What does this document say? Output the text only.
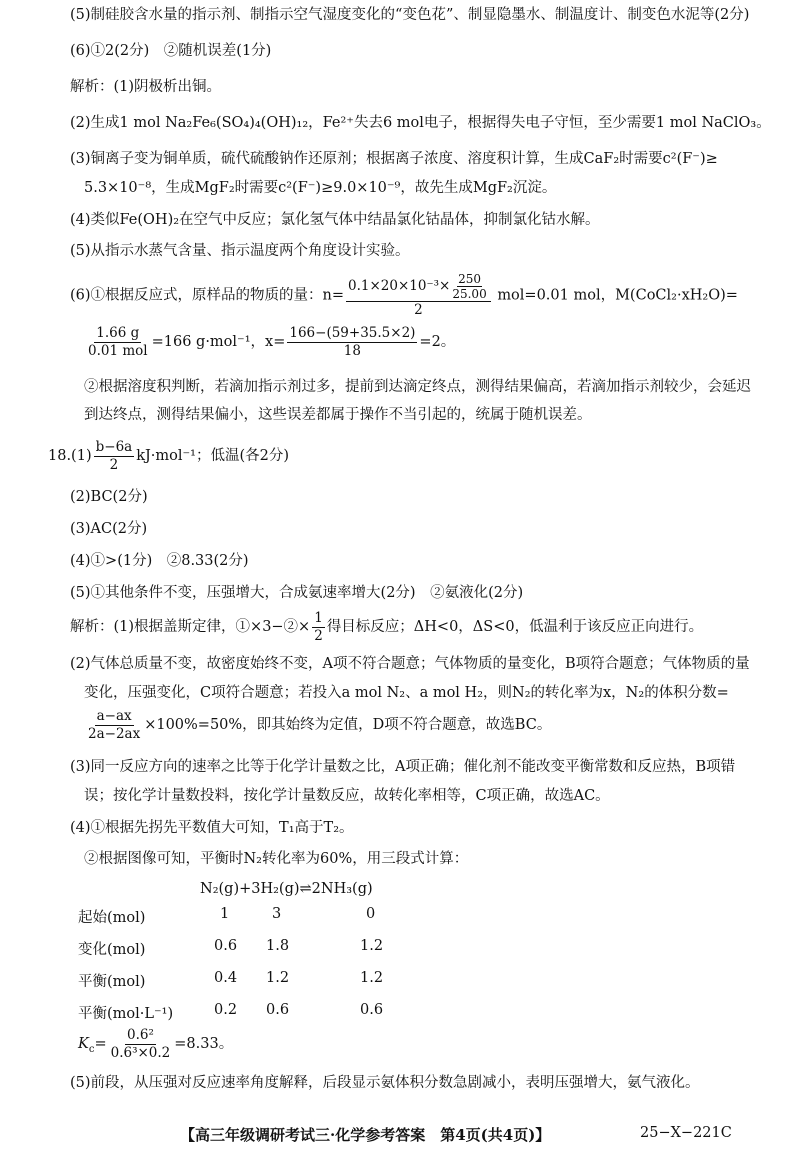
(5)制硅胶含水量的指示剂、制指示空气湿度变化的“变色花”、制显隐墨水、制温度计、制变色水泥等(2分)
(6)①2(2分)　②随机误差(1分)
解析：(1)阴极析出铜。
(2)生成1 mol Na₂Fe₆(SO₄)₄(OH)₁₂，Fe²⁺失去6 mol电子，根据得失电子守恒，至少需要1 mol NaClO₃。
(3)铜离子变为铜单质，硫代硫酸钠作还原剂；根据离子浓度、溶度积计算，生成CaF₂时需要c²(F⁻)≥
5.3×10⁻⁸，生成MgF₂时需要c²(F⁻)≥9.0×10⁻⁹，故先生成MgF₂沉淀。
(4)类似Fe(OH)₂在空气中反应；氯化氢气体中结晶氯化钴晶体，抑制氯化钴水解。
(5)从指示水蒸气含量、指示温度两个角度设计实验。
(6)①根据反应式，原样品的物质的量：$n= \frac{0.1\times 20\times 10^{-3}\times \frac{250}{25.00}}{2} mol=0.01$ mol，M(CoCl₂·xH₂O)=
$\frac{1.66 g}{\text{0.01 mol}} =166$ g·mol⁻¹，$x= \frac{166-(59+35.5\times 2)}{18} =2$。
②根据溶度积判断，若滴加指示剂过多，提前到达滴定终点，测得结果偏高，若滴加指示剂较少，会延迟
到达终点，测得结果偏小，这些误差都属于操作不当引起的，统属于随机误差。
$18.(1) \frac{b-6a}{2} kJ\cdot mol^{-1}$；低温(各2分)
(2)BC(2分)
(3)AC(2分)
(4)①>(1分)　②8.33(2分)
(5)①其他条件不变，压强增大，合成氨速率增大(2分)　②氨液化(2分)
解析：(1)根据盖斯定律，①×3−②× $\frac{1}{2}$ 得目标反应；ΔH<0，ΔS<0，低温利于该反应正向进行。
(2)气体总质量不变，故密度始终不变，A项不符合题意；气体物质的量变化，B项符合题意；气体物质的量
变化，压强变化，C项符合题意；若投入a mol N₂、a mol H₂，则N₂的转化率为x，N₂的体积分数=
$\frac{a-ax}{2a-2ax} \times 100\%=50\%$，即其始终为定值，D项不符合题意，故选BC。
(3)同一反应方向的速率之比等于化学计量数之比，A项正确；催化剂不能改变平衡常数和反应热，B项错
误；按化学计量数投料，按化学计量数反应，故转化率相等，C项正确，故选AC。
(4)①根据先拐先平数值大可知，T₁高于T₂。
②根据图像可知，平衡时N₂转化率为60%，用三段式计算：
N₂(g)+3H₂(g)⇌2NH₃(g)
起始(mol)	1	3	0
变化(mol)	0.6 1.8	1.2
平衡(mol)	0.4 1.2	1.2
平衡(mol·L⁻¹)	0.2 0.6	0.6
$K_c= \frac{\text{0.6²}}{\text{0.6³×0.2}} =8.33$。
(5)前段，从压强对反应速率角度解释，后段显示氨体积分数急剧减小，表明压强增大，氨气液化。
【高三年级调研考试三·化学参考答案　第4页(共4页)】	25−X−221C
